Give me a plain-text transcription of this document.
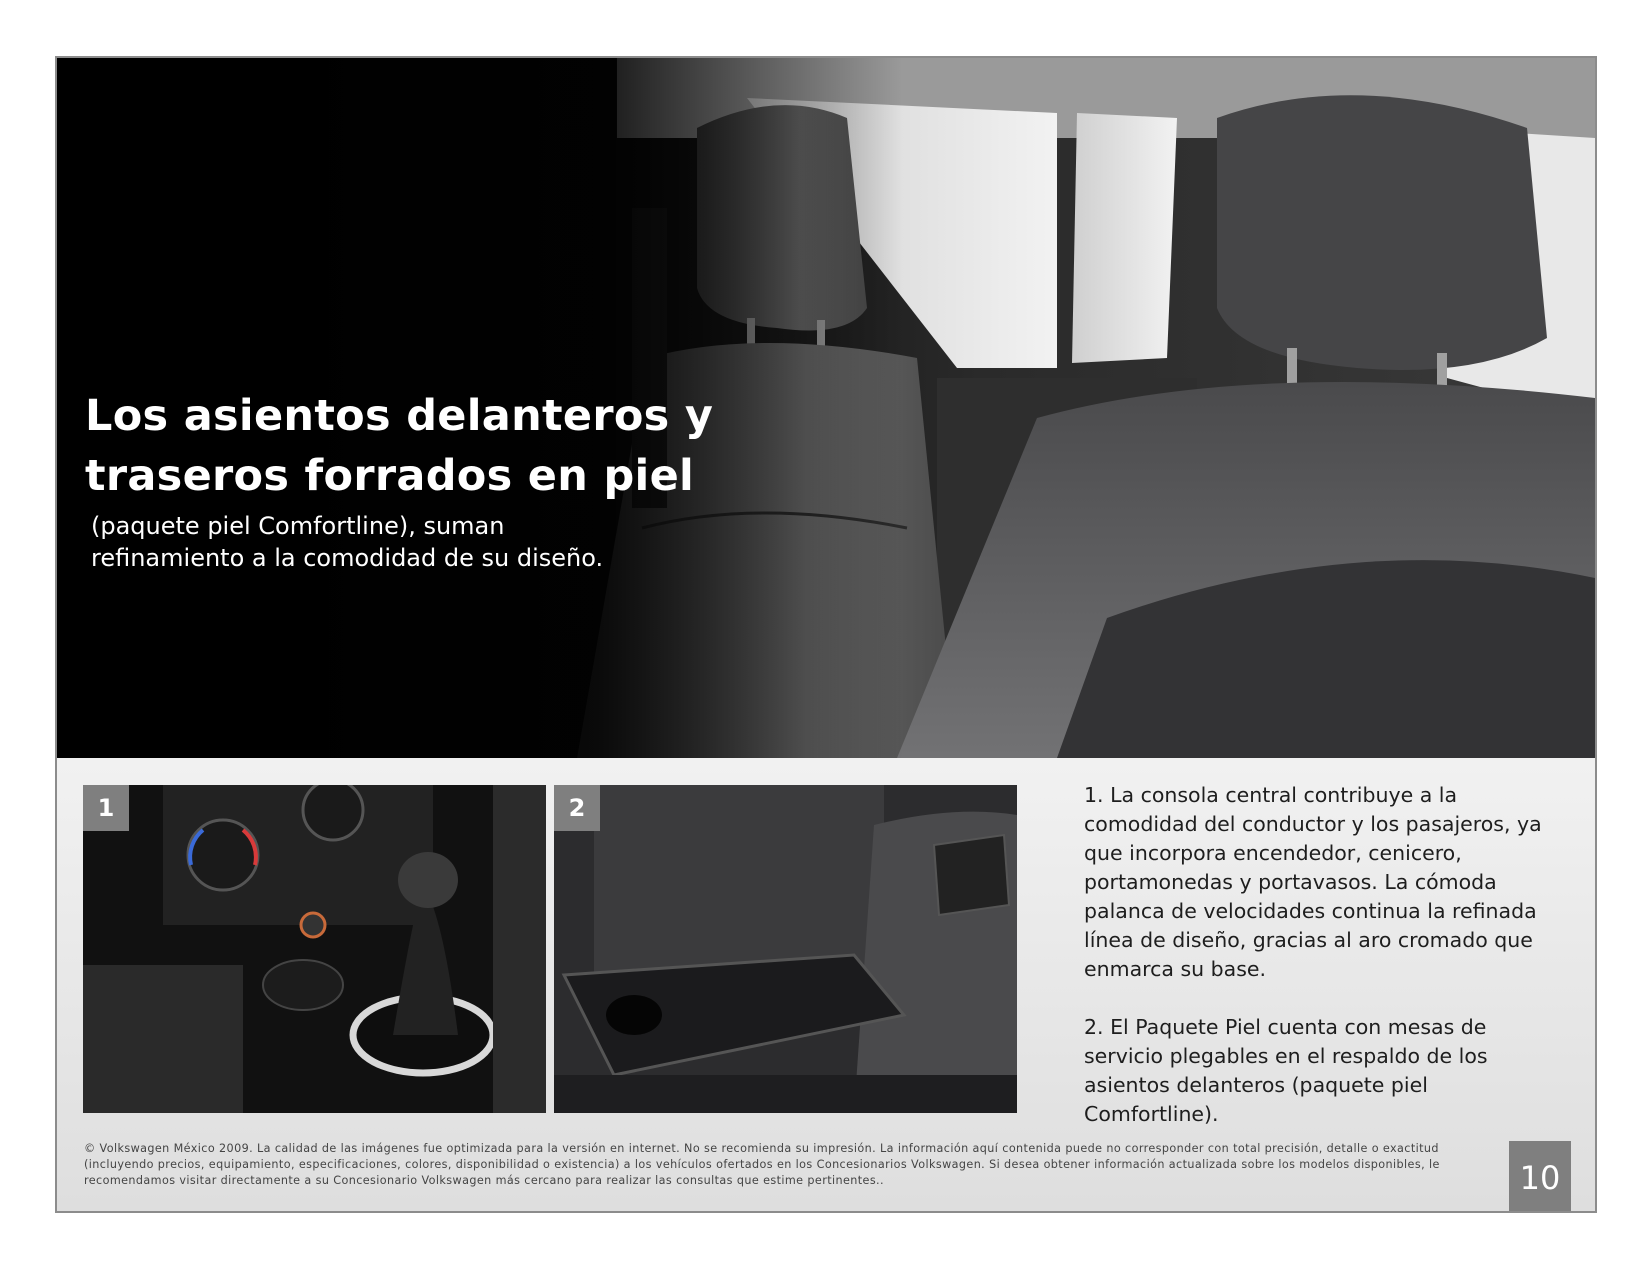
Los asientos delanteros y
traseros forrados en piel

(paquete piel Comfortline), suman
refinamiento a la comodidad de su diseño.

1	2	1. La consola central contribuye a la comodidad del conductor y los pasajeros, ya que incorpora encendedor, cenicero, portamonedas y portavasos. La cómoda palanca de velocidades continua la refinada línea de diseño, gracias al aro cromado que enmarca su base.

2. El Paquete Piel cuenta con mesas de servicio plegables en el respaldo de los asientos delanteros (paquete piel Comfortline).

© Volkswagen México 2009. La calidad de las imágenes fue optimizada para la versión en internet. No se recomienda su impresión. La información aquí contenida puede no corresponder con total precisión, detalle o exactitud (incluyendo precios, equipamiento, especificaciones, colores, disponibilidad o existencia) a los vehículos ofertados en los Concesionarios Volkswagen. Si desea obtener información actualizada sobre los modelos disponibles, le recomendamos visitar directamente a su Concesionario Volkswagen más cercano para realizar las consultas que estime pertinentes..	10
